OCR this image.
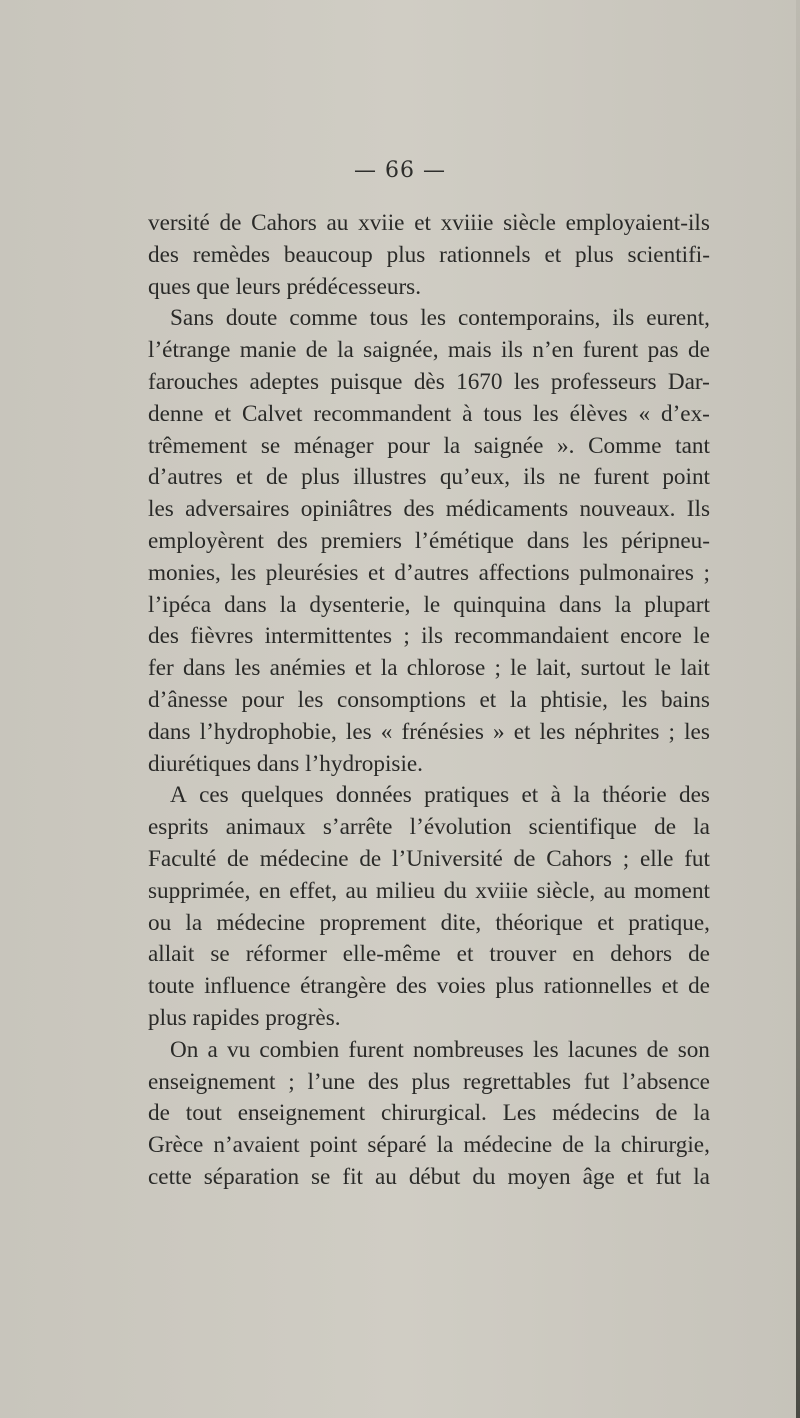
— 66 —
versité de Cahors au xviie et xviiie siècle employaient-ils
des remèdes beaucoup plus rationnels et plus scientifi-
ques que leurs prédécesseurs.
Sans doute comme tous les contemporains, ils eurent,
l’étrange manie de la saignée, mais ils n’en furent pas de
farouches adeptes puisque dès 1670 les professeurs Dar-
denne et Calvet recommandent à tous les élèves « d’ex-
trêmement se ménager pour la saignée ». Comme tant
d’autres et de plus illustres qu’eux, ils ne furent point
les adversaires opiniâtres des médicaments nouveaux. Ils
employèrent des premiers l’émétique dans les péripneu-
monies, les pleurésies et d’autres affections pulmonaires ;
l’ipéca dans la dysenterie, le quinquina dans la plupart
des fièvres intermittentes ; ils recommandaient encore le
fer dans les anémies et la chlorose ; le lait, surtout le lait
d’ânesse pour les consomptions et la phtisie, les bains
dans l’hydrophobie, les « frénésies » et les néphrites ; les
diurétiques dans l’hydropisie.
A ces quelques données pratiques et à la théorie des
esprits animaux s’arrête l’évolution scientifique de la
Faculté de médecine de l’Université de Cahors ; elle fut
supprimée, en effet, au milieu du xviiie siècle, au moment
ou la médecine proprement dite, théorique et pratique,
allait se réformer elle-même et trouver en dehors de
toute influence étrangère des voies plus rationnelles et de
plus rapides progrès.
On a vu combien furent nombreuses les lacunes de son
enseignement ; l’une des plus regrettables fut l’absence
de tout enseignement chirurgical. Les médecins de la
Grèce n’avaient point séparé la médecine de la chirurgie,
cette séparation se fit au début du moyen âge et fut la
